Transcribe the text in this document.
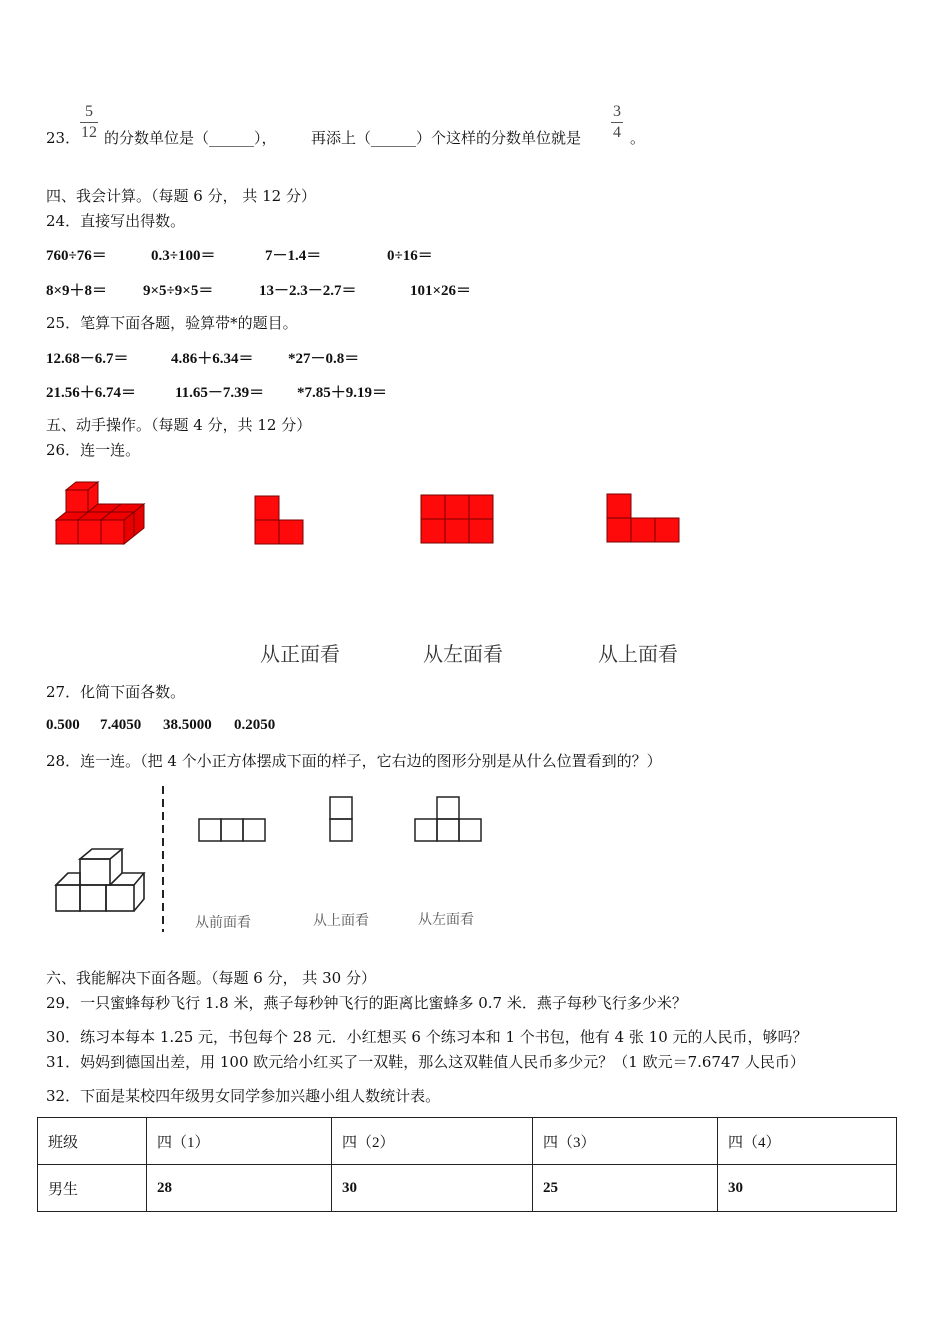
23．
5
12 的分数单位是（______）， 再添上（______）个这样的分数单位就是
3
4 。
四、我会计算。（每题 6 分， 共 12 分）
24．直接写出得数。
760÷76＝	0.3÷100＝	7－1.4＝	0÷16＝
8×9＋8＝ 9×5÷9×5＝	13－2.3－2.7＝	101×26＝
25．笔算下面各题，验算带*的题目。
12.68－6.7＝	4.86＋6.34＝ *27－0.8＝
21.56＋6.74＝	11.65－7.39＝ *7.85＋9.19＝
五、动手操作。（每题 4 分，共 12 分）
26．连一连。
从正面看	从左面看	从上面看
27．化简下面各数。
0.500 7.4050 38.5000 0.2050
28．连一连。（把 4 个小正方体摆成下面的样子，它右边的图形分别是从什么位置看到的？）
从前面看	从上面看	从左面看
六、我能解决下面各题。（每题 6 分， 共 30 分）
29．一只蜜蜂每秒飞行 1.8 米，燕子每秒钟飞行的距离比蜜蜂多 0.7 米．燕子每秒飞行多少米？
30．练习本每本 1.25 元，书包每个 28 元．小红想买 6 个练习本和 1 个书包，他有 4 张 10 元的人民币，够吗？
31．妈妈到德国出差，用 100 欧元给小红买了一双鞋，那么这双鞋值人民币多少元？（1 欧元＝7.6747 人民币）
32．下面是某校四年级男女同学参加兴趣小组人数统计表。
班级	四（1）	四（2）	四（3）	四（4）
男生	28	30	25	30
